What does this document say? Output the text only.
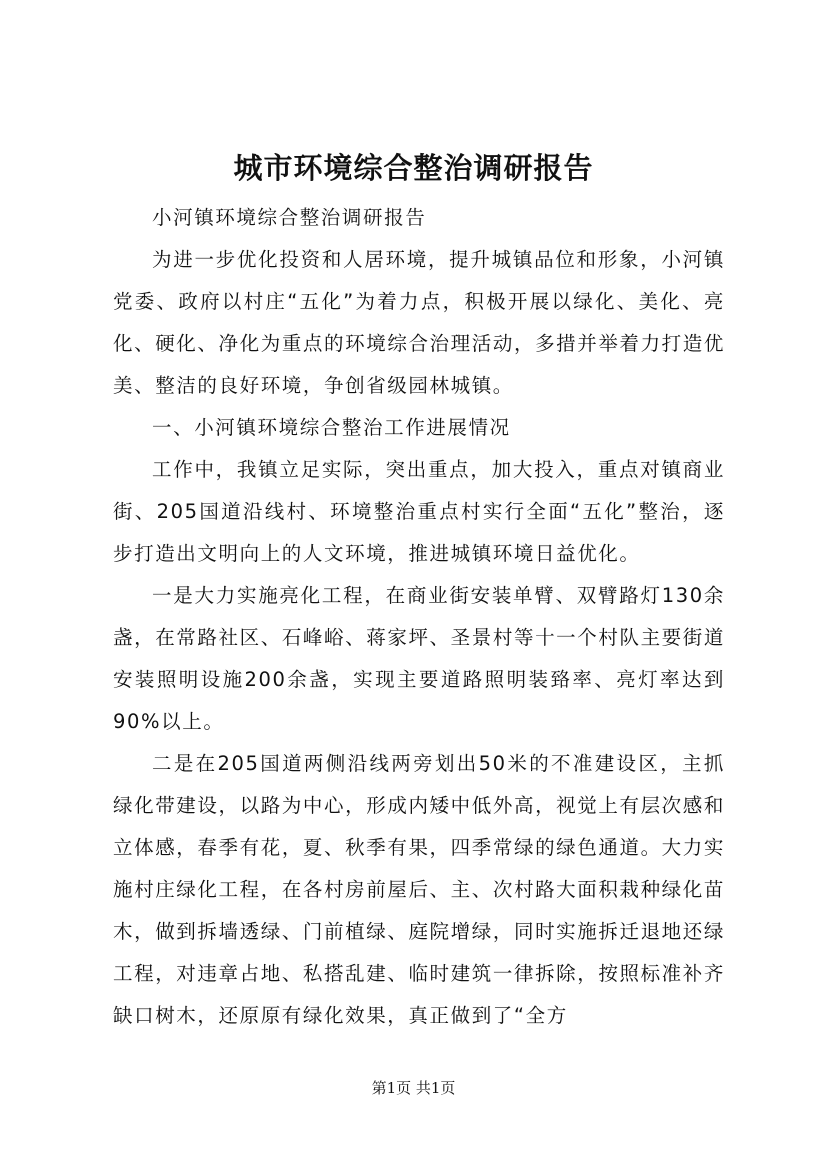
城市环境综合整治调研报告

小河镇环境综合整治调研报告

为进一步优化投资和人居环境，提升城镇品位和形象，小河镇党委、政府以村庄“五化”为着力点，积极开展以绿化、美化、亮化、硬化、净化为重点的环境综合治理活动，多措并举着力打造优美、整洁的良好环境，争创省级园林城镇。

一、小河镇环境综合整治工作进展情况

工作中，我镇立足实际，突出重点，加大投入，重点对镇商业街、205国道沿线村、环境整治重点村实行全面“五化”整治，逐步打造出文明向上的人文环境，推进城镇环境日益优化。

一是大力实施亮化工程，在商业街安装单臂、双臂路灯130余盏，在常路社区、石峰峪、蒋家坪、圣景村等十一个村队主要街道安装照明设施200余盏，实现主要道路照明装臵率、亮灯率达到90%以上。

二是在205国道两侧沿线两旁划出50米的不准建设区，主抓绿化带建设，以路为中心，形成内矮中低外高，视觉上有层次感和立体感，春季有花，夏、秋季有果，四季常绿的绿色通道。大力实施村庄绿化工程，在各村房前屋后、主、次村路大面积栽种绿化苗木，做到拆墙透绿、门前植绿、庭院增绿，同时实施拆迁退地还绿工程，对违章占地、私搭乱建、临时建筑一律拆除，按照标准补齐缺口树木，还原原有绿化效果，真正做到了“全方

第1页 共1页
